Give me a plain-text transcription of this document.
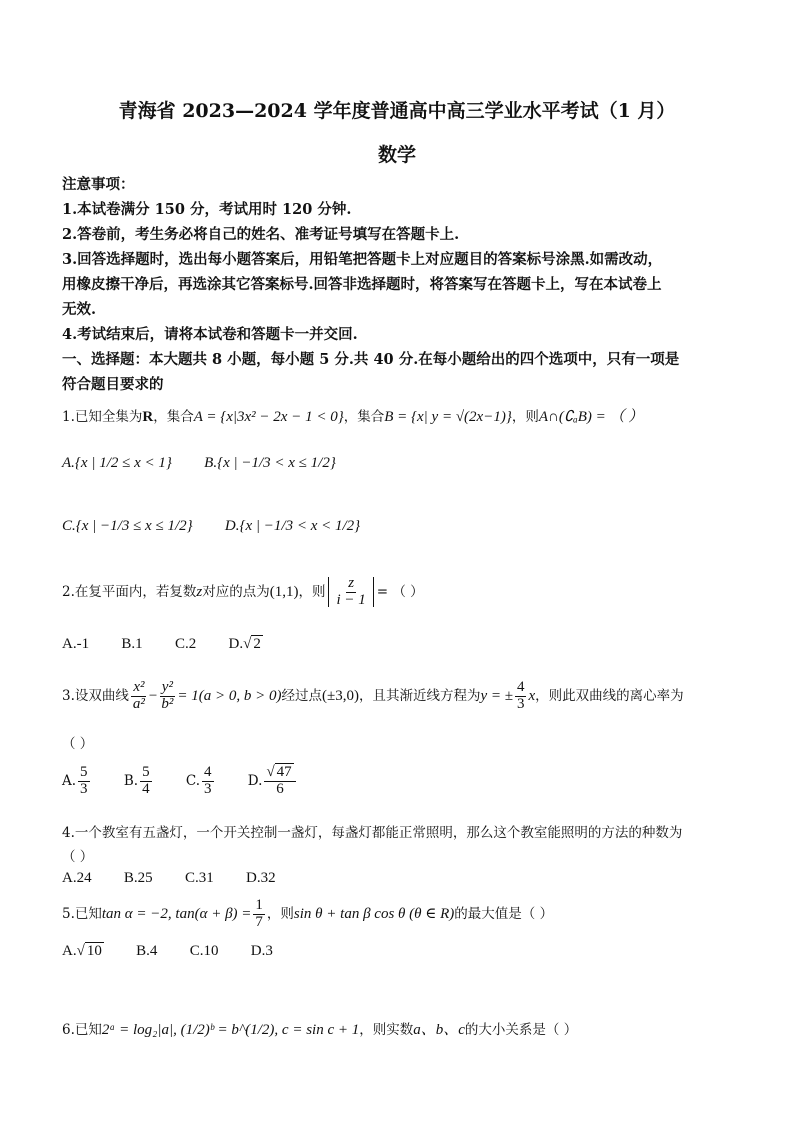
青海省 2023—2024 学年度普通高中高三学业水平考试（1 月）
数学
注意事项：
1.本试卷满分 150 分，考试用时 120 分钟.
2.答卷前，考生务必将自己的姓名、准考证号填写在答题卡上.
3.回答选择题时，选出每小题答案后，用铅笔把答题卡上对应题目的答案标号涂黑.如需改动，
用橡皮擦干净后，再选涂其它答案标号.回答非选择题时，将答案写在答题卡上，写在本试卷上
无效.
4.考试结束后，请将本试卷和答题卡一并交回.
一、选择题：本大题共 8 小题，每小题 5 分.共 40 分.在每小题给出的四个选项中，只有一项是
符合题目要求的
1.已知全集为R，集合A = {x|3x² − 2x − 1 < 0}，集合B = {x| y = √(2x−1)}，则A∩(∁ₐB) = （ ）
A.{x | 1/2 ≤ x < 1} B.{x | −1/3 < x ≤ 1/2}
C.{x | −1/3 ≤ x ≤ 1/2} D.{x | −1/3 < x < 1/2}
2.在复平面内，若复数z对应的点为(1,1)，则 $\frac{z}{i - 1}$ = （ ）
A.-1 B.1 C.2 D.√ 2
3.设双曲线 $\frac{\text{x²}}{\text{a²}} - \frac{\text{y²}}{\text{b²}} = 1(a > 0$, b > 0)经过点(±3,0)，且其渐近线方程为y = ± $\frac{4}{3}$ x，则此双曲线的离心率为
（ ）
A. $\frac{5}{3}$	B. $\frac{5}{4}$	C. $\frac{4}{3}$	D. $\frac{√ 47}{6}$
4.一个教室有五盏灯，一个开关控制一盏灯，每盏灯都能正常照明，那么这个教室能照明的方法的种数为
（ ）
A.24 B.25 C.31 D.32
5.已知tan α = −2, $\tan(\alpha + \beta) = \frac{1}{7}$ ，则sin θ + tan β cos θ (θ ∈ R)的最大值是（ ）
A.√ 10 B.4 C.10 D.3
6.已知2ᵃ = log₂|a|, (1/2)ᵇ = b^(1/2), c = sin c + 1，则实数a、b、c的大小关系是（ ）
